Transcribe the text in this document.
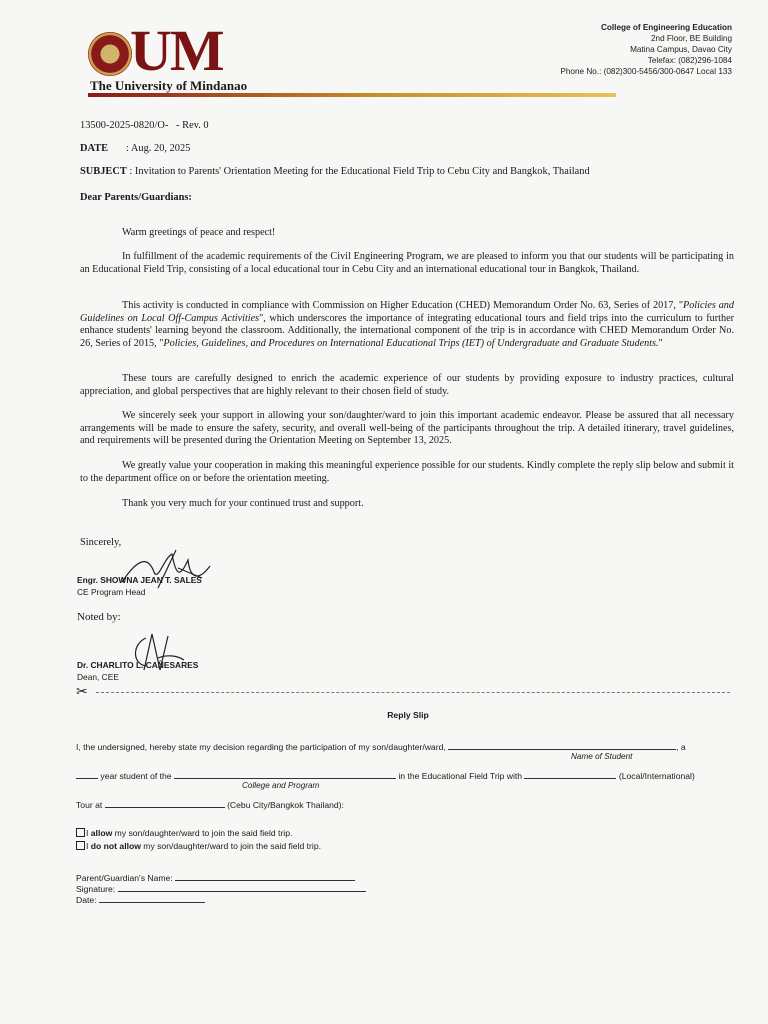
UM
The University of Mindanao
College of Engineering Education
2nd Floor, BE Building
Matina Campus, Davao City
Telefax: (082)296-1084
Phone No.: (082)300-5456/300-0647 Local 133
13500-2025-0820/O- - Rev. 0
DATE : Aug. 20, 2025
SUBJECT : Invitation to Parents' Orientation Meeting for the Educational Field Trip to Cebu City and Bangkok, Thailand
Dear Parents/Guardians:
Warm greetings of peace and respect!
In fulfillment of the academic requirements of the Civil Engineering Program, we are pleased to inform you that our students will be participating in an Educational Field Trip, consisting of a local educational tour in Cebu City and an international educational tour in Bangkok, Thailand.
This activity is conducted in compliance with Commission on Higher Education (CHED) Memorandum Order No. 63, Series of 2017, "Policies and Guidelines on Local Off-Campus Activities", which underscores the importance of integrating educational tours and field trips into the curriculum to further enhance students' learning beyond the classroom. Additionally, the international component of the trip is in accordance with CHED Memorandum Order No. 26, Series of 2015, "Policies, Guidelines, and Procedures on International Educational Trips (IET) of Undergraduate and Graduate Students."
These tours are carefully designed to enrich the academic experience of our students by providing exposure to industry practices, cultural appreciation, and global perspectives that are highly relevant to their chosen field of study.
We sincerely seek your support in allowing your son/daughter/ward to join this important academic endeavor. Please be assured that all necessary arrangements will be made to ensure the safety, security, and overall well-being of the participants throughout the trip. A detailed itinerary, travel guidelines, and requirements will be presented during the Orientation Meeting on September 13, 2025.
We greatly value your cooperation in making this meaningful experience possible for our students. Kindly complete the reply slip below and submit it to the department office on or before the orientation meeting.
Thank you very much for your continued trust and support.
Sincerely,
Engr. SHOWNA JEAN T. SALES
CE Program Head
Noted by:
Dr. CHARLITO L. CAÑESARES
Dean, CEE
✂
Reply Slip
I, the undersigned, hereby state my decision regarding the participation of my son/daughter/ward,	, a
Name of Student
year student of the	in the Educational Field Trip with	(Local/International)
College and Program
Tour at	(Cebu City/Bangkok Thailand):
I allow my son/daughter/ward to join the said field trip.
I do not allow my son/daughter/ward to join the said field trip.
Parent/Guardian's Name:
Signature:
Date:
